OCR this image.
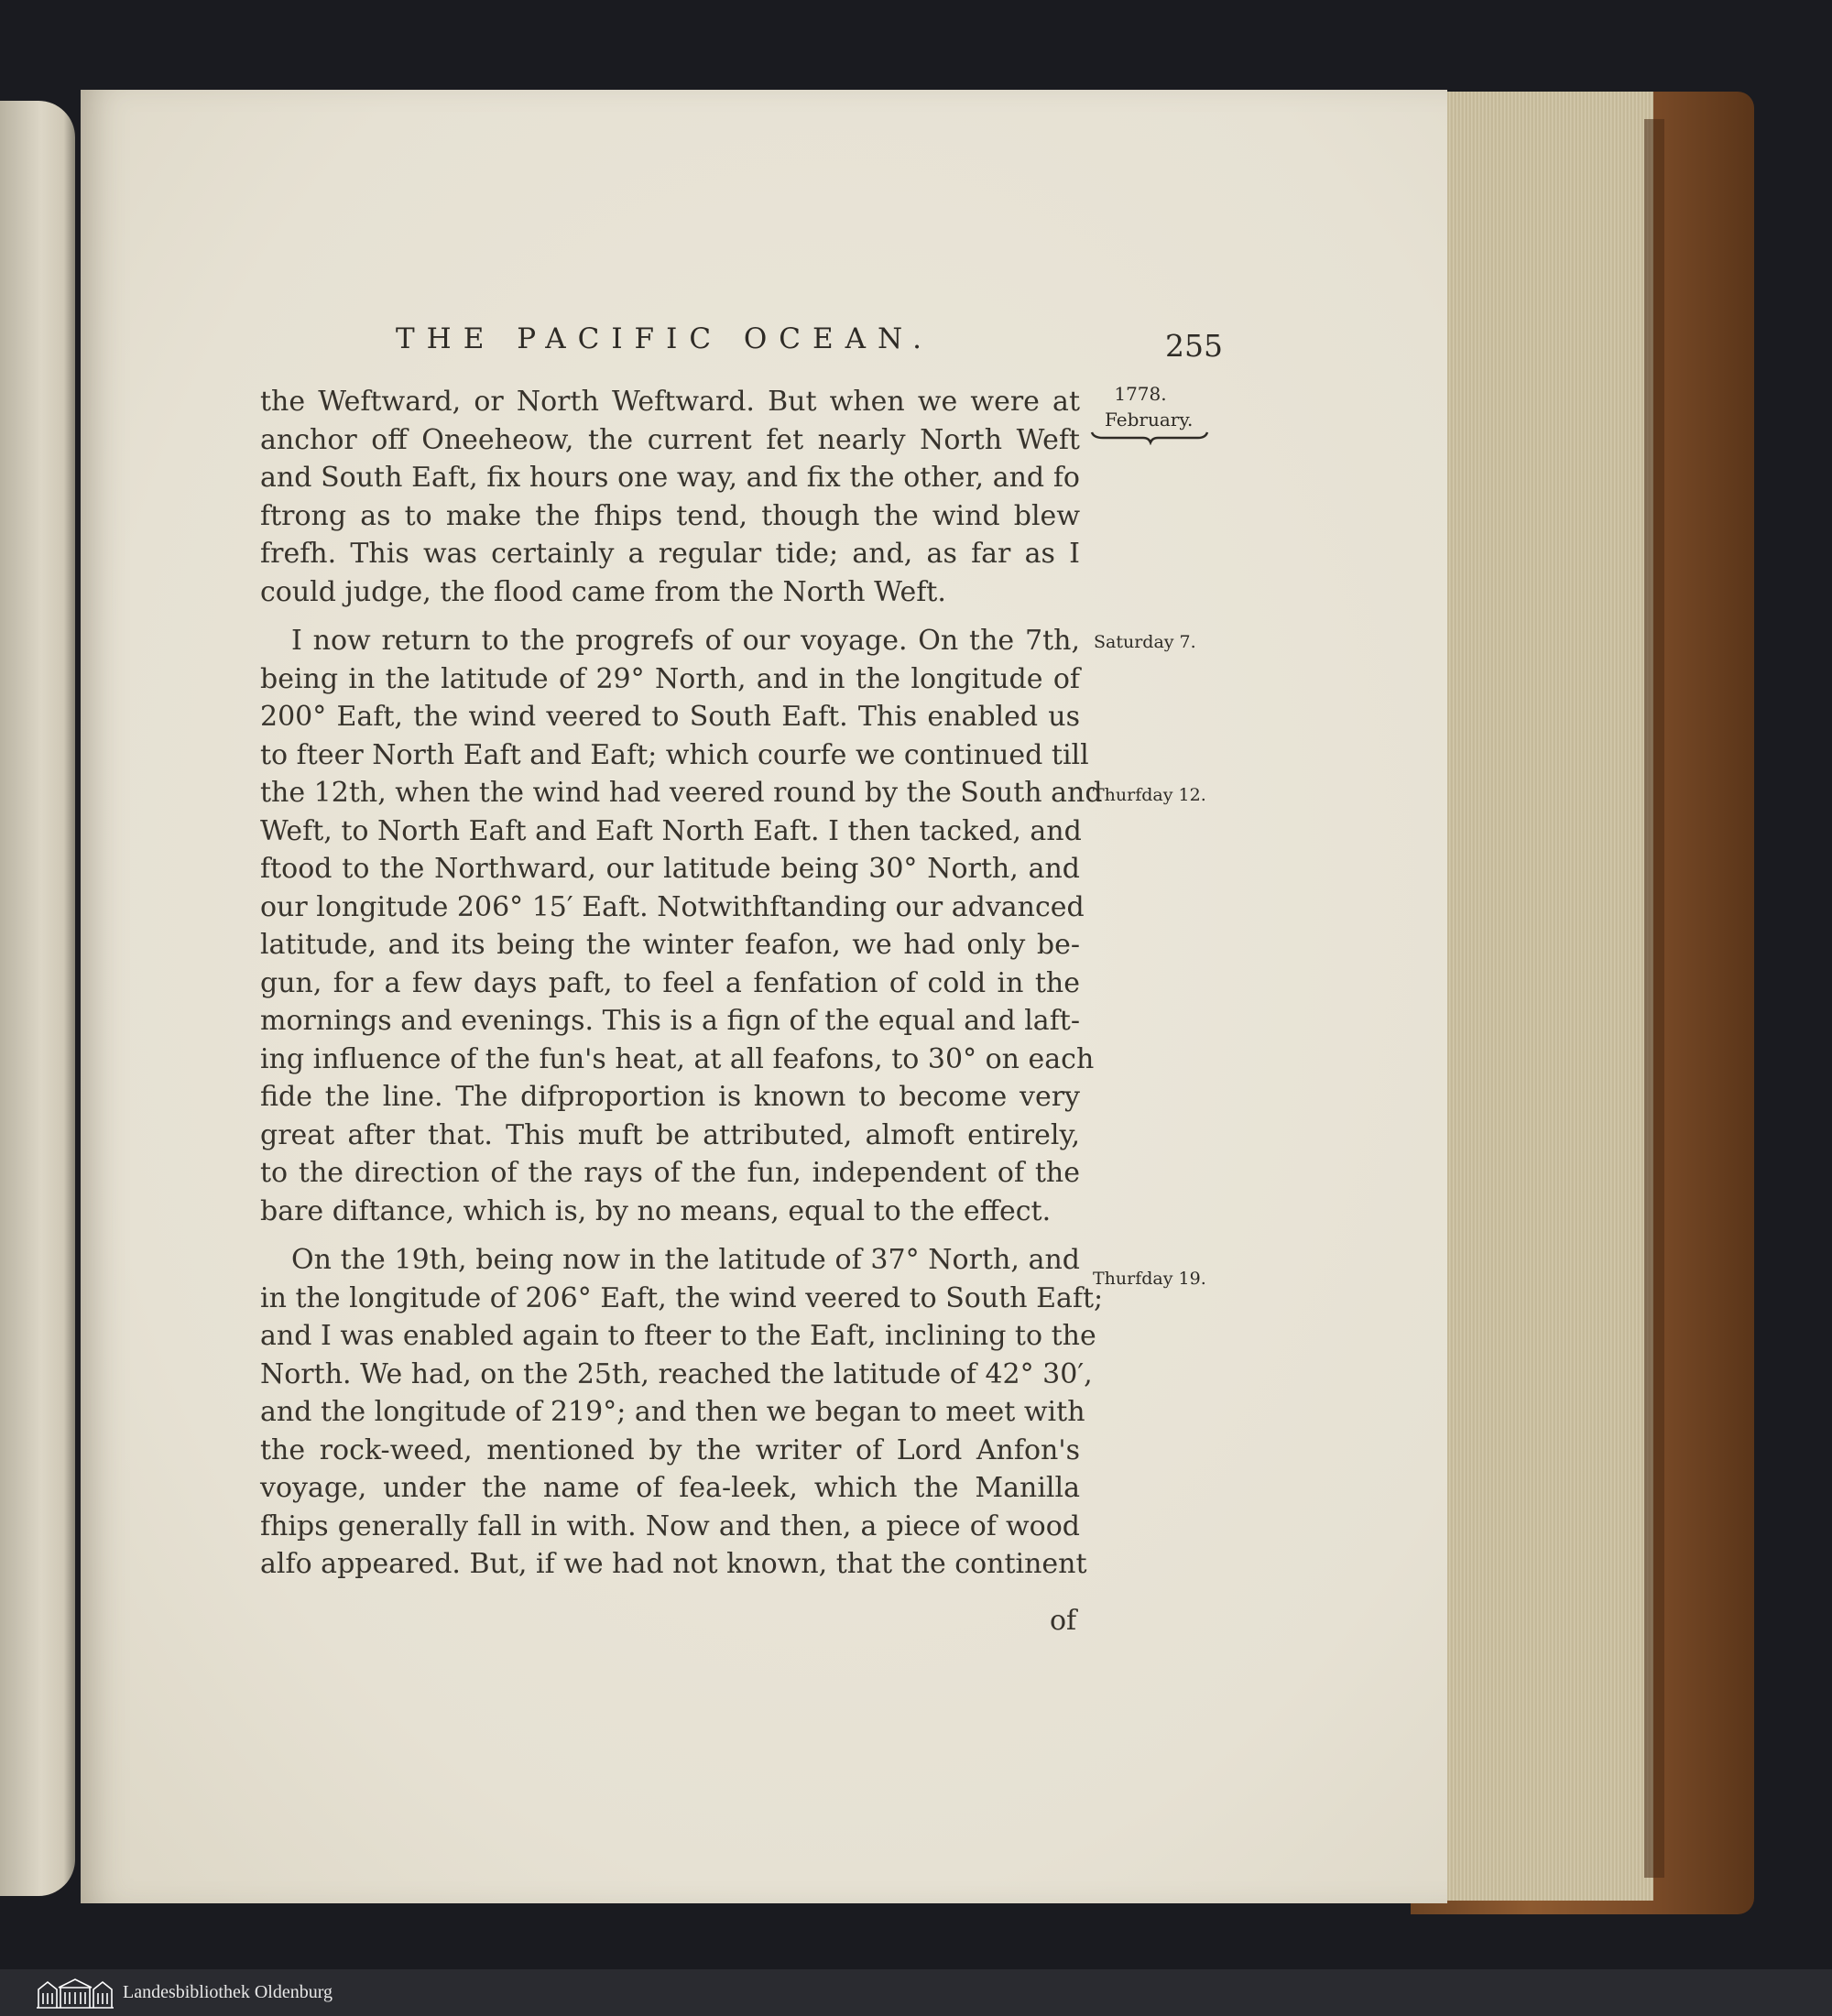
THE PACIFIC OCEAN.	255
1778.
February.
Saturday 7.
Thurfday 12.
Thurfday 19.
the Weftward, or North Weftward. But when we were at
anchor off Oneeheow, the current fet nearly North Weft
and South Eaft, fix hours one way, and fix the other, and fo
ftrong as to make the fhips tend, though the wind blew
frefh. This was certainly a regular tide; and, as far as I
could judge, the flood came from the North Weft.
I now return to the progrefs of our voyage. On the 7th,
being in the latitude of 29° North, and in the longitude of
200° Eaft, the wind veered to South Eaft. This enabled us
to fteer North Eaft and Eaft; which courfe we continued till
the 12th, when the wind had veered round by the South and
Weft, to North Eaft and Eaft North Eaft. I then tacked, and
ftood to the Northward, our latitude being 30° North, and
our longitude 206° 15′ Eaft. Notwithftanding our advanced
latitude, and its being the winter feafon, we had only be-
gun, for a few days paft, to feel a fenfation of cold in the
mornings and evenings. This is a fign of the equal and laft-
ing influence of the fun's heat, at all feafons, to 30° on each
fide the line. The difproportion is known to become very
great after that. This muft be attributed, almoft entirely,
to the direction of the rays of the fun, independent of the
bare diftance, which is, by no means, equal to the effect.
On the 19th, being now in the latitude of 37° North, and
in the longitude of 206° Eaft, the wind veered to South Eaft;
and I was enabled again to fteer to the Eaft, inclining to the
North. We had, on the 25th, reached the latitude of 42° 30′,
and the longitude of 219°; and then we began to meet with
the rock-weed, mentioned by the writer of Lord Anfon's
voyage, under the name of fea-leek, which the Manilla
fhips generally fall in with. Now and then, a piece of wood
alfo appeared. But, if we had not known, that the continent
of
Landesbibliothek Oldenburg
